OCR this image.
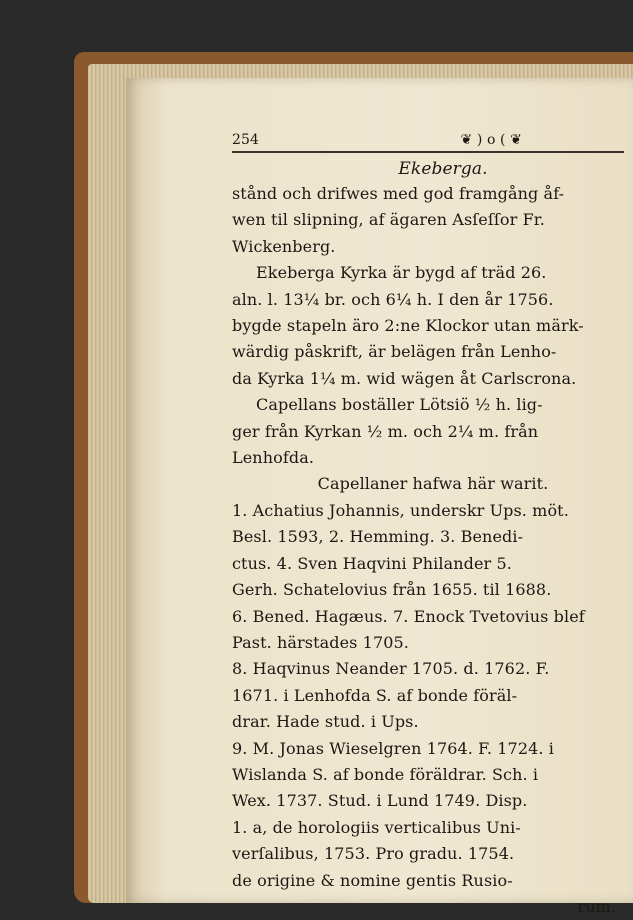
254	❦ ) o ( ❦
Ekeberga.
stånd och drifwes med god framgång åf-
wen til slipning, af ägaren Asſeſſor Fr.
Wickenberg.
Ekeberga Kyrka är bygd af träd 26.
aln. l. 13¼ br. och 6¼ h. I den år 1756.
bygde stapeln äro 2:ne Klockor utan märk-
wärdig påskrift, är belägen från Lenho-
da Kyrka 1¼ m. wid wägen åt Carlscrona.
Capellans boställer Lötsiö ½ h. lig-
ger från Kyrkan ½ m. och 2¼ m. från
Lenhofda.
Capellaner hafwa här warit.
1. Achatius Johannis, underskr Ups. möt.
Besl. 1593, 2. Hemming. 3. Benedi-
ctus. 4. Sven Haqvini Philander 5.
Gerh. Schatelovius från 1655. til 1688.
6. Bened. Hagæus. 7. Enock Tvetovius blef
Past. härstades 1705.
8. Haqvinus Neander 1705. d. 1762. F.
1671. i Lenhofda S. af bonde föräl-
drar. Hade stud. i Ups.
9. M. Jonas Wieselgren 1764. F. 1724. i
Wislanda S. af bonde föräldrar. Sch. i
Wex. 1737. Stud. i Lund 1749. Disp.
1. a, de horologiis verticalibus Uni-
verſalibus, 1753. Pro gradu. 1754.
de origine & nomine gentis Rusio-
rum.
